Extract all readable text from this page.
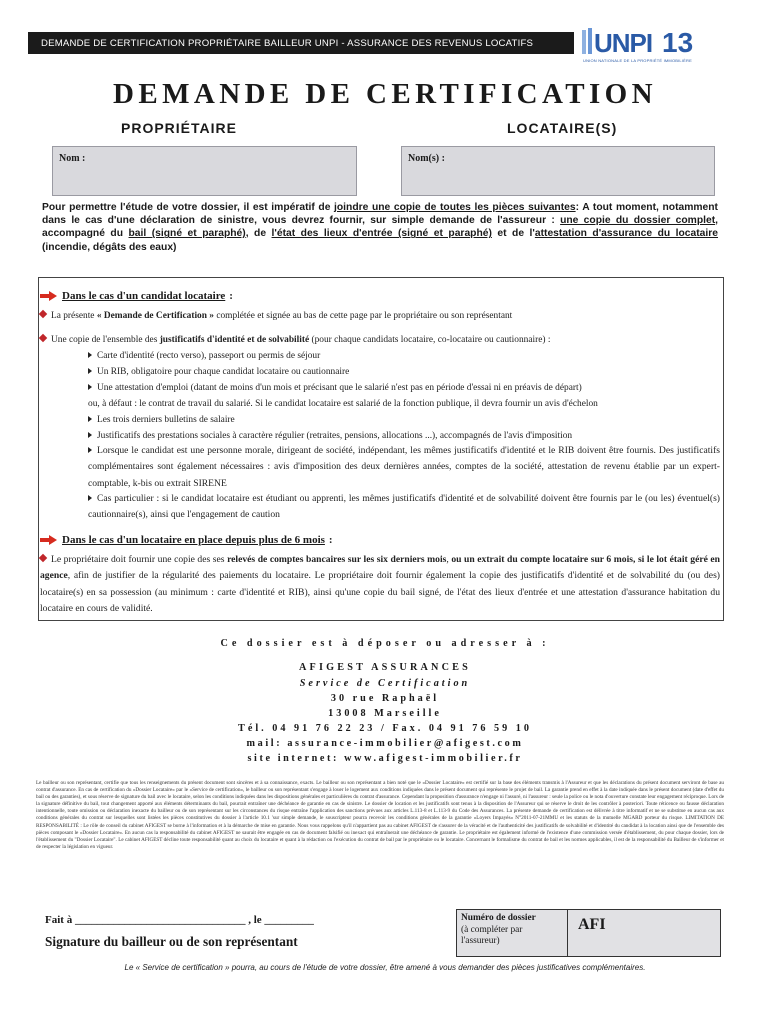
DEMANDE DE CERTIFICATION PROPRIÉTAIRE BAILLEUR UNPI - ASSURANCE DES REVENUS LOCATIFS UNPI 13
UNION NATIONALE DE LA PROPRIÉTÉ IMMOBILIÈRE
DEMANDE DE CERTIFICATION
PROPRIÉTAIRE	LOCATAIRE(S)
Nom :	Nom(s) :
Pour permettre l'étude de votre dossier, il est impératif de joindre une copie de toutes les pièces suivantes: A tout moment, notamment dans le cas d'une déclaration de sinistre, vous devrez fournir, sur simple demande de l'assureur : une copie du dossier complet, accompagné du bail (signé et paraphé), de l'état des lieux d'entrée (signé et paraphé) et de l'attestation d'assurance du locataire (incendie, dégâts des eaux)
Dans le cas d'un candidat locataire :
La présente « Demande de Certification » complétée et signée au bas de cette page par le propriétaire ou son représentant
Une copie de l'ensemble des justificatifs d'identité et de solvabilité (pour chaque candidats locataire, co-locataire ou cautionnaire) :
Carte d'identité (recto verso), passeport ou permis de séjour
Un RIB, obligatoire pour chaque candidat locataire ou cautionnaire
Une attestation d'emploi (datant de moins d'un mois et précisant que le salarié n'est pas en période d'essai ni en préavis de départ)
ou, à défaut : le contrat de travail du salarié. Si le candidat locataire est salarié de la fonction publique, il devra fournir un avis d'échelon
Les trois derniers bulletins de salaire
Justificatifs des prestations sociales à caractère régulier (retraites, pensions, allocations ...), accompagnés de l'avis d'imposition
Lorsque le candidat est une personne morale, dirigeant de société, indépendant, les mêmes justificatifs d'identité et le RIB doivent être fournis. Des justificatifs complémentaires sont également nécessaires : avis d'imposition des deux dernières années, comptes de la société, attestation de revenu établie par un expert-comptable, k-bis ou extrait SIRENE
Cas particulier : si le candidat locataire est étudiant ou apprenti, les mêmes justificatifs d'identité et de solvabilité doivent être fournis par le (ou les) éventuel(s) cautionnaire(s), ainsi que l'engagement de caution
Dans le cas d'un locataire en place depuis plus de 6 mois :
Le propriétaire doit fournir une copie des ses relevés de comptes bancaires sur les six derniers mois, ou un extrait du compte locataire sur 6 mois, si le lot était géré en agence, afin de justifier de la régularité des paiements du locataire. Le propriétaire doit fournir également la copie des justificatifs d'identité et de solvabilité du (ou des) locataire(s) en sa possession (au minimum : carte d'identité et RIB), ainsi qu'une copie du bail signé, de l'état des lieux d'entrée et une attestation d'assurance habitation du locataire en cours de validité.
Ce dossier est à déposer ou adresser à :
AFIGEST ASSURANCES
Service de Certification
30 rue Raphaël
13008 Marseille
Tél. 04 91 76 22 23 / Fax. 04 91 76 59 10
mail: assurance-immobilier@afigest.com
site internet: www.afigest-immobilier.fr
Le bailleur ou son représentant, certifie que tous les renseignements du présent document sont sincères et à sa connaissance, exacts. Le bailleur ou son représentant a bien noté que le «Dossier Locataire» est certifié sur la base des éléments transmis à l'Assureur et que les déclarations du présent document serviront de base au contrat d'assurance. En cas de certification du «Dossier Locataire» par le «Service de certification», le bailleur ou son représentant s'engage à louer le logement aux conditions indiquées dans le présent document qui représente le projet de bail. La garantie prend en effet à la date indiquée dans le présent document (date d'effet du bail ou des garanties), et sous réserve de signature du bail avec le locataire, selon les conditions indiquées dans les dispositions générales et particulières du contrat d'assurance. Cependant la proposition d'assurance n'engage ni l'assuré, ni l'assureur : seule la police ou le nota d'ouverture constate leur engagement réciproque. Lors de la signature définitive du bail, tout changement apporté aux éléments déterminants du bail, pourrait entraîner une déchéance de garantie en cas de sinistre. Le dossier de location et les justificatifs sont tenus à la disposition de l'Assureur qui se réserve le droit de les contrôler à posteriori. Toute réticence ou fausse déclaration intentionnelle, toute omission ou déclaration inexacte du bailleur ou de son représentant sur les circonstances du risque entraîne l'application des sanctions prévues aux articles L.113-8 et L.113-9 du Code des Assurances. La présente demande de certification est délivrée à titre informatif et ne se substitue en aucun cas aux conditions générales du contrat sur lesquelles sont listées les pièces constitutives du dossier à l'article 10.1 'sur simple demande, le souscripteur pourra recevoir les conditions générales de la garantie «Loyers Impayés» N°2011-07-21MMU et les statuts de la mutuelle MGARD porteur du risque. LIMITATION DE RESPONSABILITÉ : Le rôle de conseil du cabinet AFIGEST se borne à l'information et à la démarche de mise en garantie. Nous vous rappelons qu'il n'appartient pas au cabinet AFIGEST de s'assurer de la véracité et de l'authenticité des justificatifs de solvabilité et d'identité du candidat à la location ainsi que de l'ensemble des pièces composant le «Dossier Locataire». En aucun cas la responsabilité du cabinet AFIGEST ne saurait être engagée en cas de document falsifié ou inexact qui entraînerait une déchéance de garantie. Le propriétaire est également informé de l'existence d'une commission versée d'établissement, du pour chaque dossier, lors de l'établissement du "Dossier Locataire". Le cabinet AFIGEST décline toute responsabilité quant au choix du locataire et quant à la rédaction ou l'exécution du contrat de bail par le propriétaire ou le locataire. Concernant le formalisme du contrat de bail et les normes applicables, il est de la responsabilité du Bailleur de s'informer et de respecter la législation en vigueur.
Fait à _______________________________ , le _________
Signature du bailleur ou de son représentant
Numéro de dossier
(à compléter par l'assureur)
AFI
Le « Service de certification » pourra, au cours de l'étude de votre dossier, être amené à vous demander des pièces justificatives complémentaires.
